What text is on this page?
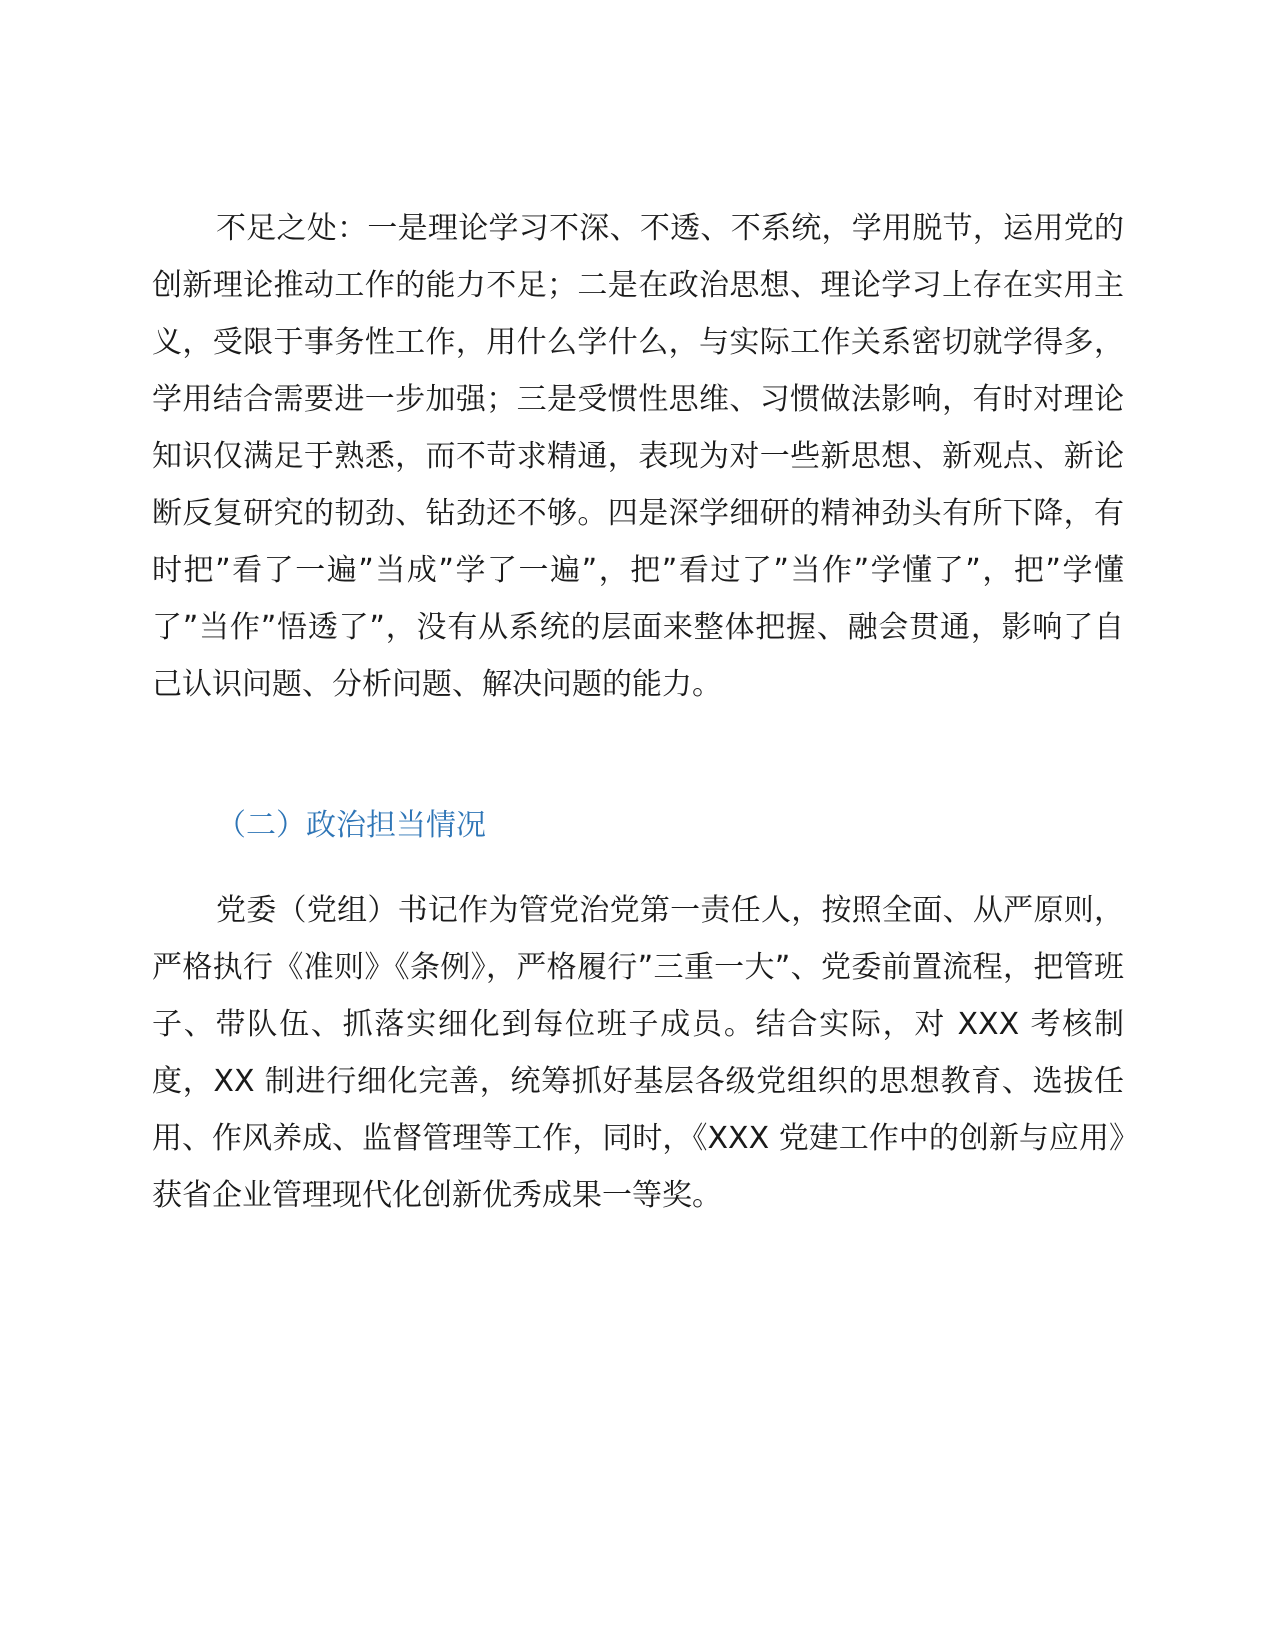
不足之处：一是理论学习不深、不透、不系统，学用脱节，运用党的创新理论推动工作的能力不足；二是在政治思想、理论学习上存在实用主义，受限于事务性工作，用什么学什么，与实际工作关系密切就学得多，学用结合需要进一步加强；三是受惯性思维、习惯做法影响，有时对理论知识仅满足于熟悉，而不苛求精通，表现为对一些新思想、新观点、新论断反复研究的韧劲、钻劲还不够。四是深学细研的精神劲头有所下降，有时把”看了一遍”当成”学了一遍”，把”看过了”当作”学懂了”，把”学懂了”当作”悟透了”，没有从系统的层面来整体把握、融会贯通，影响了自己认识问题、分析问题、解决问题的能力。

（二）政治担当情况

党委（党组）书记作为管党治党第一责任人，按照全面、从严原则，严格执行《准则》《条例》，严格履行”三重一大”、党委前置流程，把管班子、带队伍、抓落实细化到每位班子成员。结合实际，对 XXX 考核制度，XX 制进行细化完善，统筹抓好基层各级党组织的思想教育、选拔任用、作风养成、监督管理等工作，同时，《XXX 党建工作中的创新与应用》获省企业管理现代化创新优秀成果一等奖。
